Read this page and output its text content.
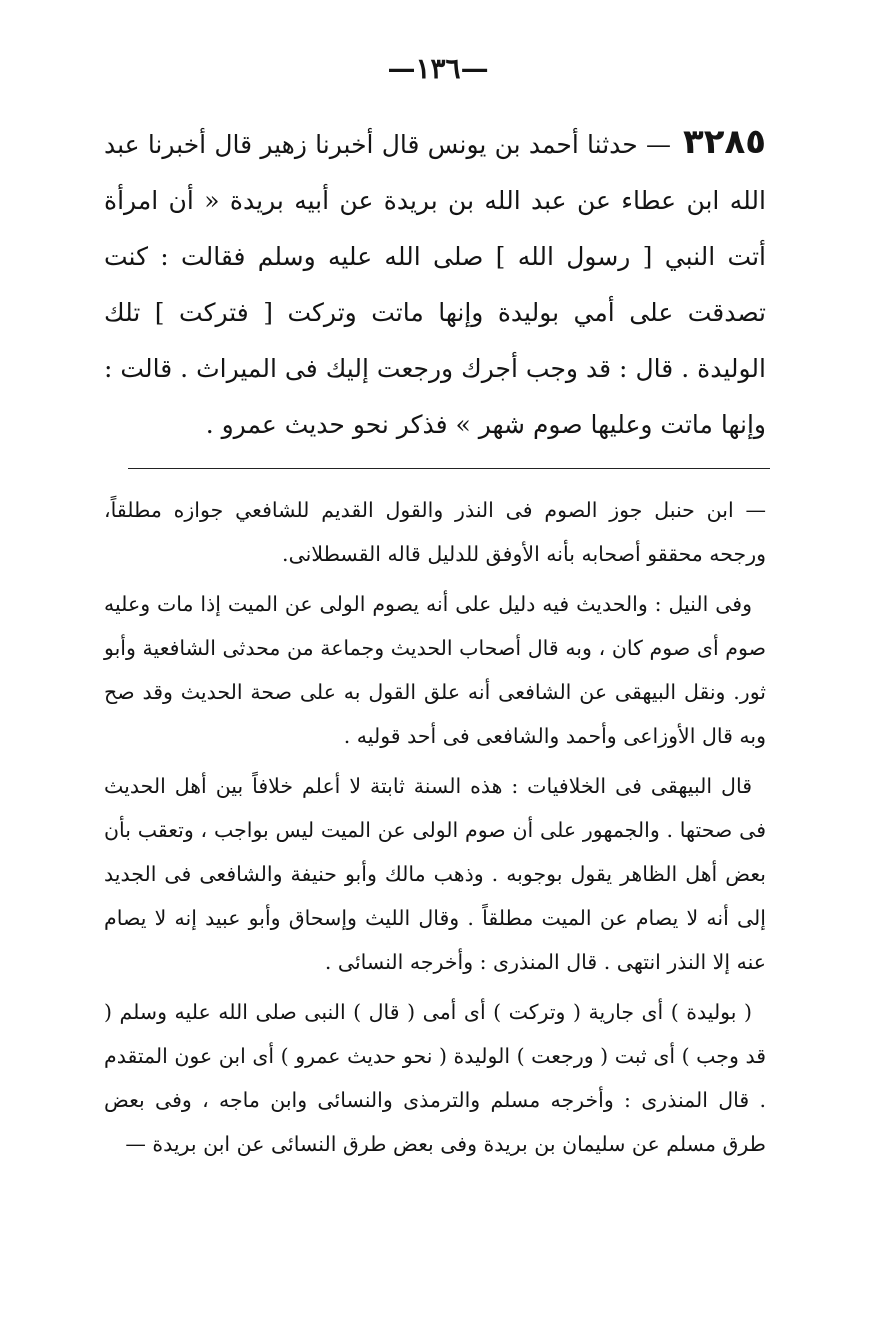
—١٣٦—
٣٢٨٥— حدثنا أحمد بن يونس قال أخبرنا زهير قال أخبرنا عبد الله ابن عطاء عن عبد الله بن بريدة عن أبيه بريدة « أن امرأة أتت النبي [ رسول الله ] صلى الله عليه وسلم فقالت : كنت تصدقت على أمي بوليدة وإنها ماتت وتركت [ فتركت ] تلك الوليدة . قال : قد وجب أجرك ورجعت إليك فى الميراث . قالت : وإنها ماتت وعليها صوم شهر » فذكر نحو حديث عمرو .

— ابن حنبل جوز الصوم فى النذر والقول القديم للشافعي جوازه مطلقاً، ورجحه محققو أصحابه بأنه الأوفق للدليل قاله القسطلانى.

وفى النيل : والحديث فيه دليل على أنه يصوم الولى عن الميت إذا مات وعليه صوم أى صوم كان ، وبه قال أصحاب الحديث وجماعة من محدثى الشافعية وأبو ثور. ونقل البيهقى عن الشافعى أنه علق القول به على صحة الحديث وقد صح وبه قال الأوزاعى وأحمد والشافعى فى أحد قوليه .

قال البيهقى فى الخلافيات : هذه السنة ثابتة لا أعلم خلافاً بين أهل الحديث فى صحتها . والجمهور على أن صوم الولى عن الميت ليس بواجب ، وتعقب بأن بعض أهل الظاهر يقول بوجوبه . وذهب مالك وأبو حنيفة والشافعى فى الجديد إلى أنه لا يصام عن الميت مطلقاً . وقال الليث وإسحاق وأبو عبيد إنه لا يصام عنه إلا النذر انتهى . قال المنذرى : وأخرجه النسائى .

( بوليدة ) أى جارية ( وتركت ) أى أمى ( قال ) النبى صلى الله عليه وسلم ( قد وجب ) أى ثبت ( ورجعت ) الوليدة ( نحو حديث عمرو ) أى ابن عون المتقدم . قال المنذرى : وأخرجه مسلم والترمذى والنسائى وابن ماجه ، وفى بعض طرق مسلم عن سليمان بن بريدة وفى بعض طرق النسائى عن ابن بريدة —
